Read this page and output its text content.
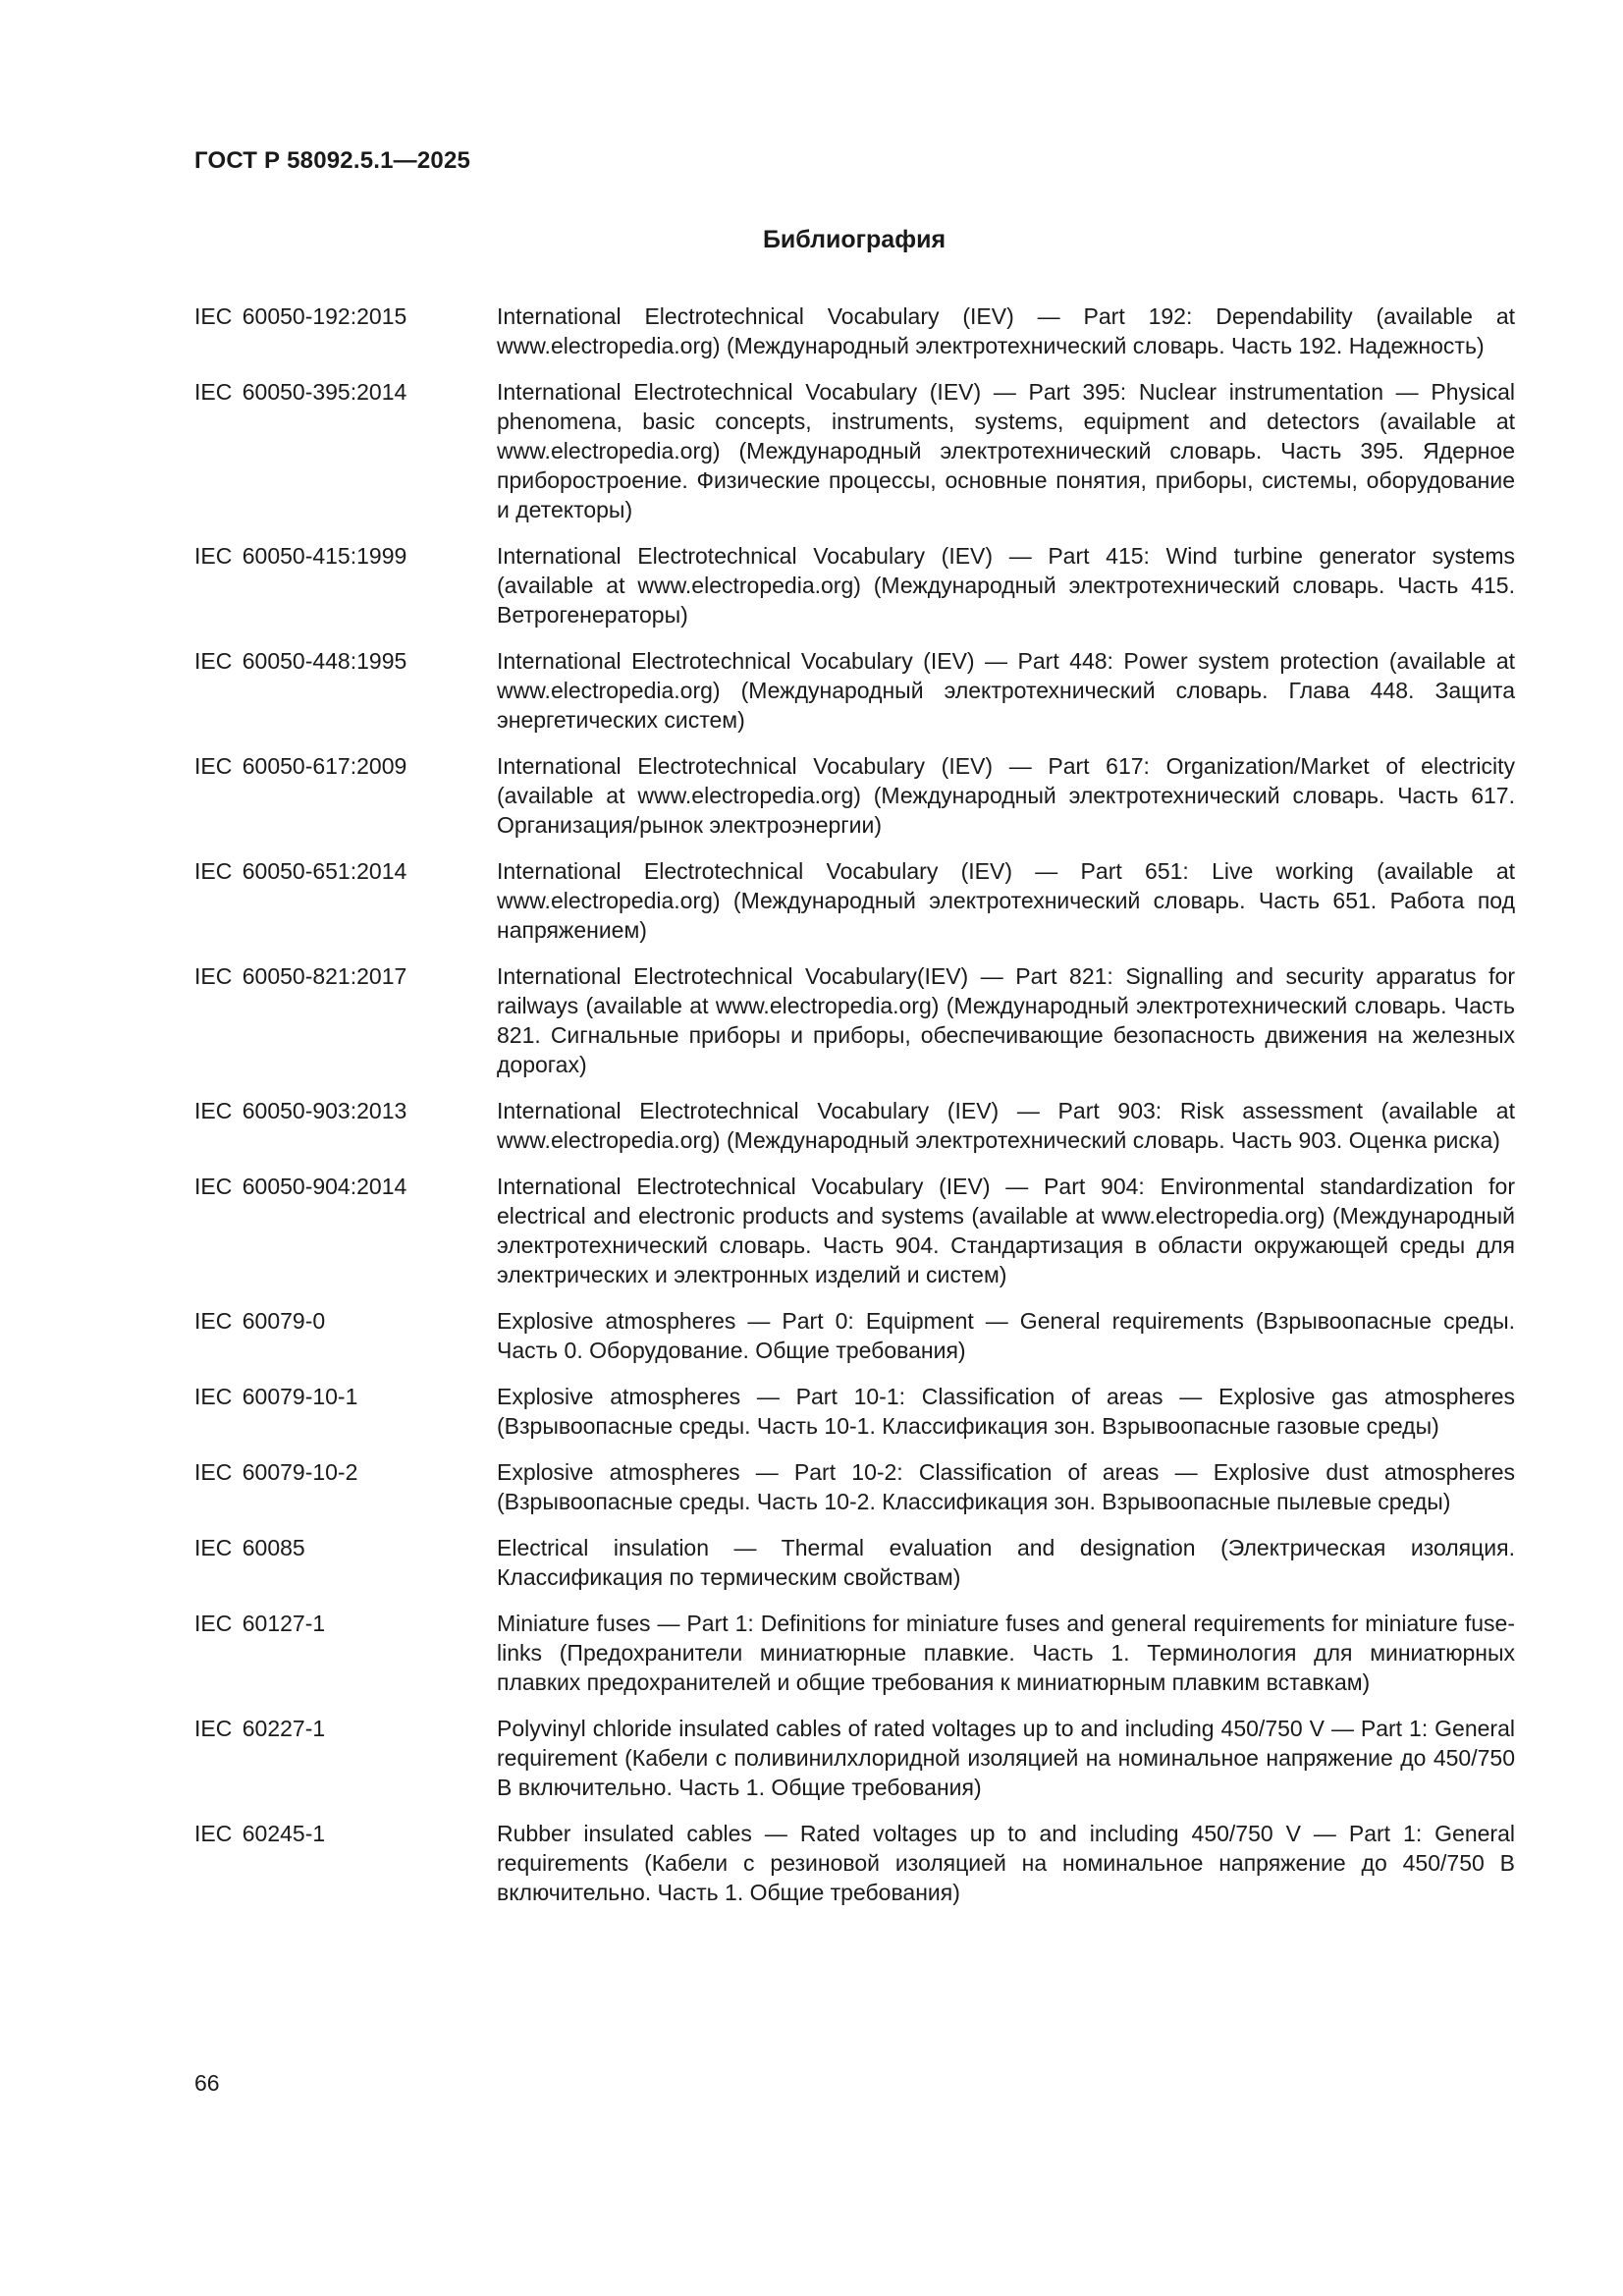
ГОСТ Р 58092.5.1—2025
Библиография
IEC 60050-192:2015	International Electrotechnical Vocabulary (IEV) — Part 192: Dependability (available at www.electropedia.org) (Международный электротехнический словарь. Часть 192. Надежность)
IEC 60050-395:2014	International Electrotechnical Vocabulary (IEV) — Part 395: Nuclear instrumentation — Physical phenomena, basic concepts, instruments, systems, equipment and detectors (available at www.electropedia.org) (Международный электротехнический словарь. Часть 395. Ядерное приборостроение. Физические процессы, основные понятия, приборы, системы, оборудование и детекторы)
IEC 60050-415:1999	International Electrotechnical Vocabulary (IEV) — Part 415: Wind turbine generator systems (available at www.electropedia.org) (Международный электротехнический словарь. Часть 415. Ветрогенераторы)
IEC 60050-448:1995	International Electrotechnical Vocabulary (IEV) — Part 448: Power system protection (available at www.electropedia.org) (Международный электротехнический словарь. Глава 448. Защита энергетических систем)
IEC 60050-617:2009	International Electrotechnical Vocabulary (IEV) — Part 617: Organization/Market of electricity (available at www.electropedia.org) (Международный электротехнический словарь. Часть 617. Организация/рынок электроэнергии)
IEC 60050-651:2014	International Electrotechnical Vocabulary (IEV) — Part 651: Live working (available at www.electropedia.org) (Международный электротехнический словарь. Часть 651. Работа под напряжением)
IEC 60050-821:2017	International Electrotechnical Vocabulary(IEV) — Part 821: Signalling and security apparatus for railways (available at www.electropedia.org) (Международный электротехнический словарь. Часть 821. Сигнальные приборы и приборы, обеспечивающие безопасность движения на железных дорогах)
IEC 60050-903:2013	International Electrotechnical Vocabulary (IEV) — Part 903: Risk assessment (available at www.electropedia.org) (Международный электротехнический словарь. Часть 903. Оценка риска)
IEC 60050-904:2014	International Electrotechnical Vocabulary (IEV) — Part 904: Environmental standardization for electrical and electronic products and systems (available at www.electropedia.org) (Международный электротехнический словарь. Часть 904. Стандартизация в области окружающей среды для электрических и электронных изделий и систем)
IEC 60079-0	Explosive atmospheres — Part 0: Equipment — General requirements (Взрывоопасные среды. Часть 0. Оборудование. Общие требования)
IEC 60079-10-1	Explosive atmospheres — Part 10-1: Classification of areas — Explosive gas atmospheres (Взрывоопасные среды. Часть 10-1. Классификация зон. Взрывоопасные газовые среды)
IEC 60079-10-2	Explosive atmospheres — Part 10-2: Classification of areas — Explosive dust atmospheres (Взрывоопасные среды. Часть 10-2. Классификация зон. Взрывоопасные пылевые среды)
IEC 60085	Electrical insulation — Thermal evaluation and designation (Электрическая изоляция. Классификация по термическим свойствам)
IEC 60127-1	Miniature fuses — Part 1: Definitions for miniature fuses and general requirements for miniature fuse-links (Предохранители миниатюрные плавкие. Часть 1. Терминология для миниатюрных плавких предохранителей и общие требования к миниатюрным плавким вставкам)
IEC 60227-1	Polyvinyl chloride insulated cables of rated voltages up to and including 450/750 V — Part 1: General requirement (Кабели с поливинилхлоридной изоляцией на номинальное напряжение до 450/750 В включительно. Часть 1. Общие требования)
IEC 60245-1	Rubber insulated cables — Rated voltages up to and including 450/750 V — Part 1: General requirements (Кабели с резиновой изоляцией на номинальное напряжение до 450/750 В включительно. Часть 1. Общие требования)
66
